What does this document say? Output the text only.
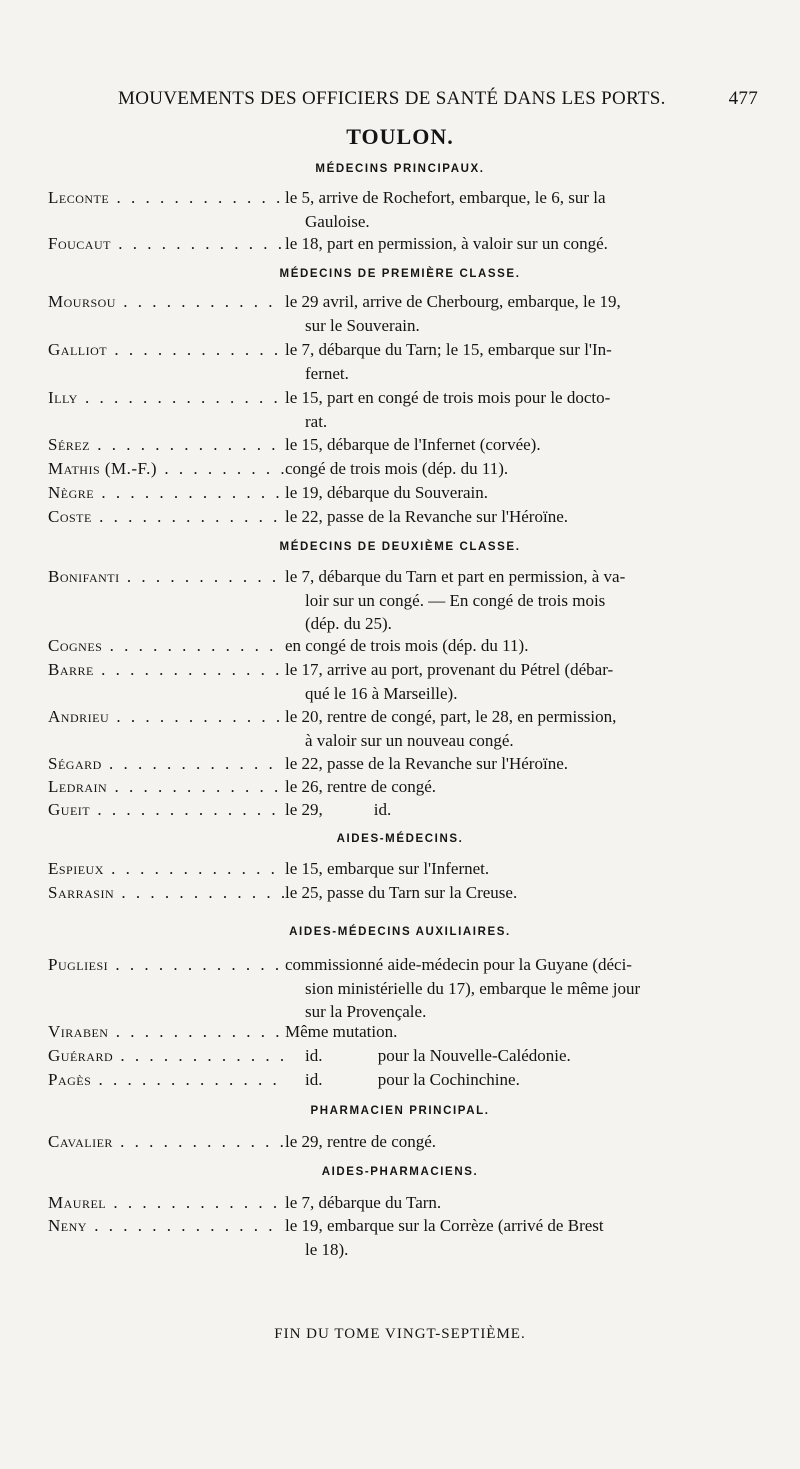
MOUVEMENTS DES OFFICIERS DE SANTÉ DANS LES PORTS.	477
TOULON.
MÉDECINS PRINCIPAUX.
Leconte . . .	le 5, arrive de Rochefort, embarque, le 6, sur la
Gauloise.
Foucaut . . .	le 18, part en permission, à valoir sur un congé.
MÉDECINS DE PREMIÈRE CLASSE.
Moursou . . .	le 29 avril, arrive de Cherbourg, embarque, le 19,
sur le Souverain.
Galliot . . .	le 7, débarque du Tarn; le 15, embarque sur l'In-
fernet.
Illy . . .	le 15, part en congé de trois mois pour le docto-
rat.
Sérez . . .	le 15, débarque de l'Infernet (corvée).
Mathis (M.-F.) . . .	congé de trois mois (dép. du 11).
Nègre . . .	le 19, débarque du Souverain.
Coste . . .	le 22, passe de la Revanche sur l'Héroïne.
MÉDECINS DE DEUXIÈME CLASSE.
Bonifanti . . .	le 7, débarque du Tarn et part en permission, à va-
loir sur un congé. — En congé de trois mois
(dép. du 25).
Cognes . . .	en congé de trois mois (dép. du 11).
Barre . . .	le 17, arrive au port, provenant du Pétrel (débar-
qué le 16 à Marseille).
Andrieu . . .	le 20, rentre de congé, part, le 28, en permission,
à valoir sur un nouveau congé.
Ségard . . .	le 22, passe de la Revanche sur l'Héroïne.
Ledrain . . .	le 26, rentre de congé.
Gueit . . .	le 29,            id.
AIDES-MÉDECINS.
Espieux . . .	le 15, embarque sur l'Infernet.
Sarrasin . . .	le 25, passe du Tarn sur la Creuse.
AIDES-MÉDECINS AUXILIAIRES.
Pugliesi . . .	commissionné aide-médecin pour la Guyane (déci-
sion ministérielle du 17), embarque le même jour
sur la Provençale.
Viraben . . .	Même mutation.
Guérard . . .	id.             pour la Nouvelle-Calédonie.
Pagès . . .	id.             pour la Cochinchine.
PHARMACIEN PRINCIPAL.
Cavalier . . .	le 29, rentre de congé.
AIDES-PHARMACIENS.
Maurel . . .	le 7, débarque du Tarn.
Neny . . .	le 19, embarque sur la Corrèze (arrivé de Brest
le 18).
FIN DU TOME VINGT-SEPTIÈME.
